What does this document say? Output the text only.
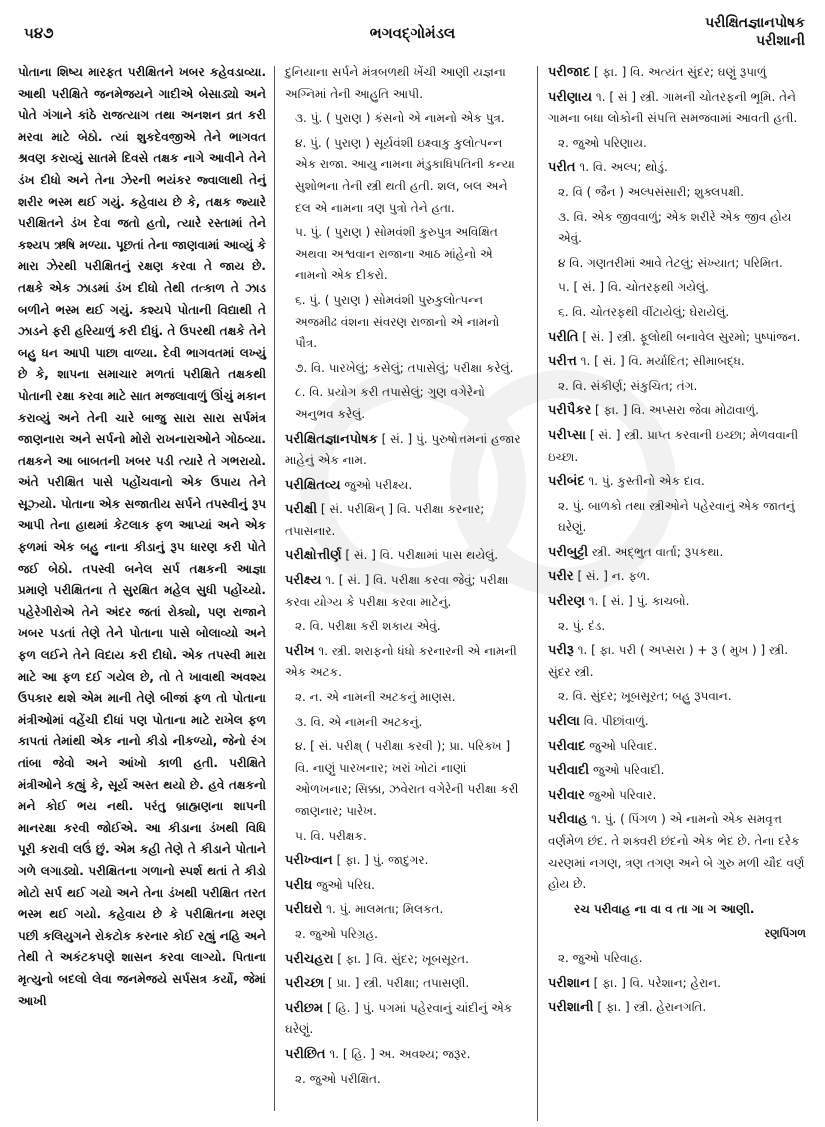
૫૪૭	ભગવદ્ગોમંડલ
પરીક્ષિતજ્ઞાનપોષક
પરીશાની

પોતાના શિષ્ય મારફત પરીક્ષિતને ખબર કહેવડાવ્યા. આથી પરીક્ષિતે જનમેજયને ગાદીએ બેસાડ્યો અને પોતે ગંગાને કાંઠે રાજત્યાગ તથા અનશન વ્રત કરી મરવા માટે બેઠો. ત્યાં શુકદેવજીએ તેને ભાગવત શ્રવણ કરાવ્યું સાતમે દિવસે તક્ષક નાગે આવીને તેને ડંખ દીધો અને તેના ઝેરની ભયંકર જ્વાલાથી તેનું શરીર ભસ્મ થઈ ગયું. કહેવાય છે કે, તક્ષક જ્યારે પરીક્ષિતને ડંખ દેવા જતો હતો, ત્યારે રસ્તામાં તેને કશ્યપ ઋષિ મળ્યા. પૂછતાં તેના જાણવામાં આવ્યું કે મારા ઝેરથી પરીક્ષિતનું રક્ષણ કરવા તે જાય છે. તક્ષકે એક ઝાડમાં ડંખ દીધો તેથી તત્કાળ તે ઝાડ બળીને ભસ્મ થઈ ગયું. કશ્યપે પોતાની વિદ્યાથી તે ઝાડને ફરી હરિયાળું કરી દીધું. તે ઉપરથી તક્ષકે તેને બહુ ધન આપી પાછા વાળ્યા. દેવી ભાગવતમાં લખ્યું છે કે, શાપના સમાચાર મળતાં પરીક્ષિતે તક્ષકથી પોતાની રક્ષા કરવા માટે સાત મજલાવાળું ઊંચું મકાન કરાવ્યું અને તેની ચારે બાજુ સારા સારા સર્પમંત્ર જાણનારા અને સર્પનો મોરો રાખનારાઓને ગોઠવ્યા. તક્ષકને આ બાબતની ખબર પડી ત્યારે તે ગભરાયો. અંતે પરીક્ષિત પાસે પહોંચવાનો એક ઉપાય તેને સૂઝ્યો. પોતાના એક સજાતીય સર્પને તપસ્વીનું રૂપ આપી તેના હાથમાં કેટલાક ફળ આપ્યાં અને એક ફળમાં એક બહુ નાના કીડાનું રૂપ ધારણ કરી પોતે જઈ બેઠો. તપસ્વી બનેલ સર્પ તક્ષકની આજ્ઞા પ્રમાણે પરીક્ષિતના તે સુરક્ષિત મહેલ સુધી પહોંચ્યો. પહેરેગીરોએ તેને અંદર જતાં રોક્યો, પણ રાજાને ખબર પડતાં તેણે તેને પોતાના પાસે બોલાવ્યો અને ફળ લઈને તેને વિદાય કરી દીધો. એક તપસ્વી મારા માટે આ ફળ દઈ ગયેલ છે, તો તે ખાવાથી અવશ્ય ઉપકાર થશે એમ માની તેણે બીજાં ફળ તો પોતાના મંત્રીઓમાં વહેંચી દીધાં પણ પોતાના માટે રાખેલ ફળ કાપતાં તેમાંથી એક નાનો કીડો નીકળ્યો, જેનો રંગ તાંબા જેવો અને આંખો કાળી હતી. પરીક્ષિતે મંત્રીઓને કહ્યું કે, સૂર્ય અસ્ત થયો છે. હવે તક્ષકનો મને કોઈ ભય નથી. પરંતુ બ્રાહ્મણના શાપની માનરક્ષા કરવી જોઈએ. આ કીડાના ડંખથી વિધિ પૂરી કરાવી લઉં છું. એમ કહી તેણે તે કીડાને પોતાને ગળે લગાડ્યો. પરીક્ષિતના ગળાનો સ્પર્શ થતાં તે કીડો મોટો સર્પ થઈ ગયો અને તેના ડંખથી પરીક્ષિત તરત ભસ્મ થઈ ગયો. કહેવાય છે કે પરીક્ષિતના મરણ પછી કલિયુગને રોકટોક કરનાર કોઈ રહ્યું નહિ અને તેથી તે અકંટકપણે શાસન કરવા લાગ્યો. પિતાના મૃત્યુનો બદલો લેવા જનમેજયે સર્પસત્ર કર્યો, જેમાં આખી

દુનિયાના સર્પને મંત્રબળથી ખેંચી આણી યજ્ઞના અગ્નિમાં તેની આહુતિ આપી.
૩. પું. ( પુરાણ ) કંસનો એ નામનો એક પુત્ર.
૪. પું. ( પુરાણ ) સૂર્યવંશી ઇક્ષ્વાકુ કુલોત્પન્ન એક રાજા. આયુ નામના મંડુકાધિપતિની કન્યા સુશોભના તેની સ્ત્રી થતી હતી. શલ, બલ અને દલ એ નામના ત્રણ પુત્રો તેને હતા.
૫. પું. ( પુરાણ ) સોમવંશી કુરુપુત્ર અવિક્ષિત અથવા અશ્વવાન રાજાના આઠ માંહેનો એ નામનો એક દીકરો.
૬. પું. ( પુરાણ ) સોમવંશી પુરુકુલોત્પન્ન અજમીઢ વંશના સંવરણ રાજાનો એ નામનો પૌત્ર.
૭. વિ. પારખેલું; કસેલું; તપાસેલું; પરીક્ષા કરેલું.
૮. વિ. પ્રયોગ કરી તપાસેલું; ગુણ વગેરેનો અનુભવ કરેલું.
પરીક્ષિતજ્ઞાનપોષક [ સં. ] પું. પુરુષોત્તમનાં હજાર માહેનું એક નામ.
પરીક્ષિતવ્ય જુઓ પરીક્ષ્ય.
પરીક્ષી [ સં. પરીક્ષિન્ ] વિ. પરીક્ષા કરનાર; તપાસનાર.
પરીક્ષોત્તીર્ણ [ સં. ] વિ. પરીક્ષામાં પાસ થયેલું.
પરીક્ષ્ય ૧. [ સં. ] વિ. પરીક્ષા કરવા જેવું; પરીક્ષા કરવા યોગ્ય કે પરીક્ષા કરવા માટેનું.
૨. વિ. પરીક્ષા કરી શકાય એવું.
પરીખ ૧. સ્ત્રી. શરાફનો ધંધો કરનારની એ નામની એક અટક.
૨. ન. એ નામની અટકનું માણસ.
૩. વિ. એ નામની અટકનું.
૪. [ સં. પરીક્ષ્ ( પરીક્ષા કરવી ); પ્રા. પરિક્ખ ] વિ. નાણું પારખનાર; ખરાં ખોટાં નાણાં ઓળખનાર; સિક્કા, ઝવેરાત વગેરેની પરીક્ષા કરી જાણનાર; પારેખ.
૫. વિ. પરીક્ષક.
પરીખ્વાન [ ફા. ] પું. જાદુગર.
પરીઘ જુઓ પરિઘ.
પરીઘરો ૧. પું. માલમતા; મિલકત.
૨. જુઓ પરિગ્રહ.
પરીચહરા [ ફા. ] વિ. સુંદર; ખૂબસૂરત.
પરીચ્છા [ પ્રા. ] સ્ત્રી. પરીક્ષા; તપાસણી.
પરીછમ [ હિ. ] પું. પગમાં પહેરવાનું ચાંદીનું એક ઘરેણું.
પરીછિત ૧. [ હિ. ] અ. અવશ્ય; જરૂર.
૨. જુઓ પરીક્ષિત.
પરીજાદ [ ફા. ] વિ. અત્યંત સુંદર; ઘણું રૂપાળું
પરીણાય ૧. [ સં ] સ્ત્રી. ગામની ચોતરફની ભૂમિ. તેને ગામના બધા લોકોની સંપત્તિ સમજવામાં આવતી હતી.
૨. જુઓ પરિણાય.
પરીત ૧. વિ. અલ્પ; થોડું.
૨. વિ ( જૈન ) અલ્પસંસારી; શુક્લપક્ષી.
૩. વિ. એક જીવવાળું; એક શરીરે એક જીવ હોય એવું.
૪ વિ. ગણતરીમાં આવે તેટલું; સંખ્યાત; પરિમિત.
૫. [ સં. ] વિ. ચોતરફથી ગયેલું.
૬. વિ. ચોતરફથી વીંટાયેલું; ઘેરાયેલું.
પરીતિ [ સં. ] સ્ત્રી. ફૂલોથી બનાવેલ સુરમો; પુષ્પાંજન.
પરીત્ત ૧. [ સં. ] વિ. મર્યાદિત; સીમાબદ્ધ.
૨. વિ. સંકીર્ણ; સંકુચિત; તંગ.
પરીપૈકર [ ફા. ] વિ. અપ્સરા જેવા મોઢાવાળું.
પરીપ્સા [ સં. ] સ્ત્રી. પ્રાપ્ત કરવાની ઇચ્છા; મેળવવાની ઇચ્છા.
પરીબંદ ૧. પું. કુસ્તીનો એક દાવ.
૨. પું. બાળકો તથા સ્ત્રીઓને પહેરવાનું એક જાતનું ઘરેણું.
પરીબુટ્ટી સ્ત્રી. અદ્ભુત વાર્તા; રૂપકથા.
પરીર [ સં. ] ન. ફળ.
પરીરણ ૧. [ સં. ] પું. કાચબો.
૨. પું. દંડ.
પરીરૂ ૧. [ ફા. પરી ( અપ્સરા ) + રૂ ( મુખ ) ] સ્ત્રી. સુંદર સ્ત્રી.
૨. વિ. સુંદર; ખૂબસૂરત; બહુ રૂપવાન.
પરીલા વિ. પીછાંવાળું.
પરીવાદ જુઓ પરિવાદ.
પરીવાદી જુઓ પરિવાદી.
પરીવાર જુઓ પરિવાર.
પરીવાહ ૧. પું. ( પિંગળ ) એ નામનો એક સમવૃત્ત વર્ણમેળ છંદ. તે શક્વરી છંદનો એક ભેદ છે. તેના દરેક ચરણમાં નગણ, ત્રણ તગણ અને બે ગુરુ મળી ચૌદ વર્ણ હોય છે.
રચ પરીવાહ ના વા વ તા ગા ગ આણી.
રણપિંગળ
૨. જુઓ પરિવાહ.
પરીશાન [ ફા. ] વિ. પરેશાન; હેરાન.
પરીશાની [ ફા. ] સ્ત્રી. હેરાનગતિ.
